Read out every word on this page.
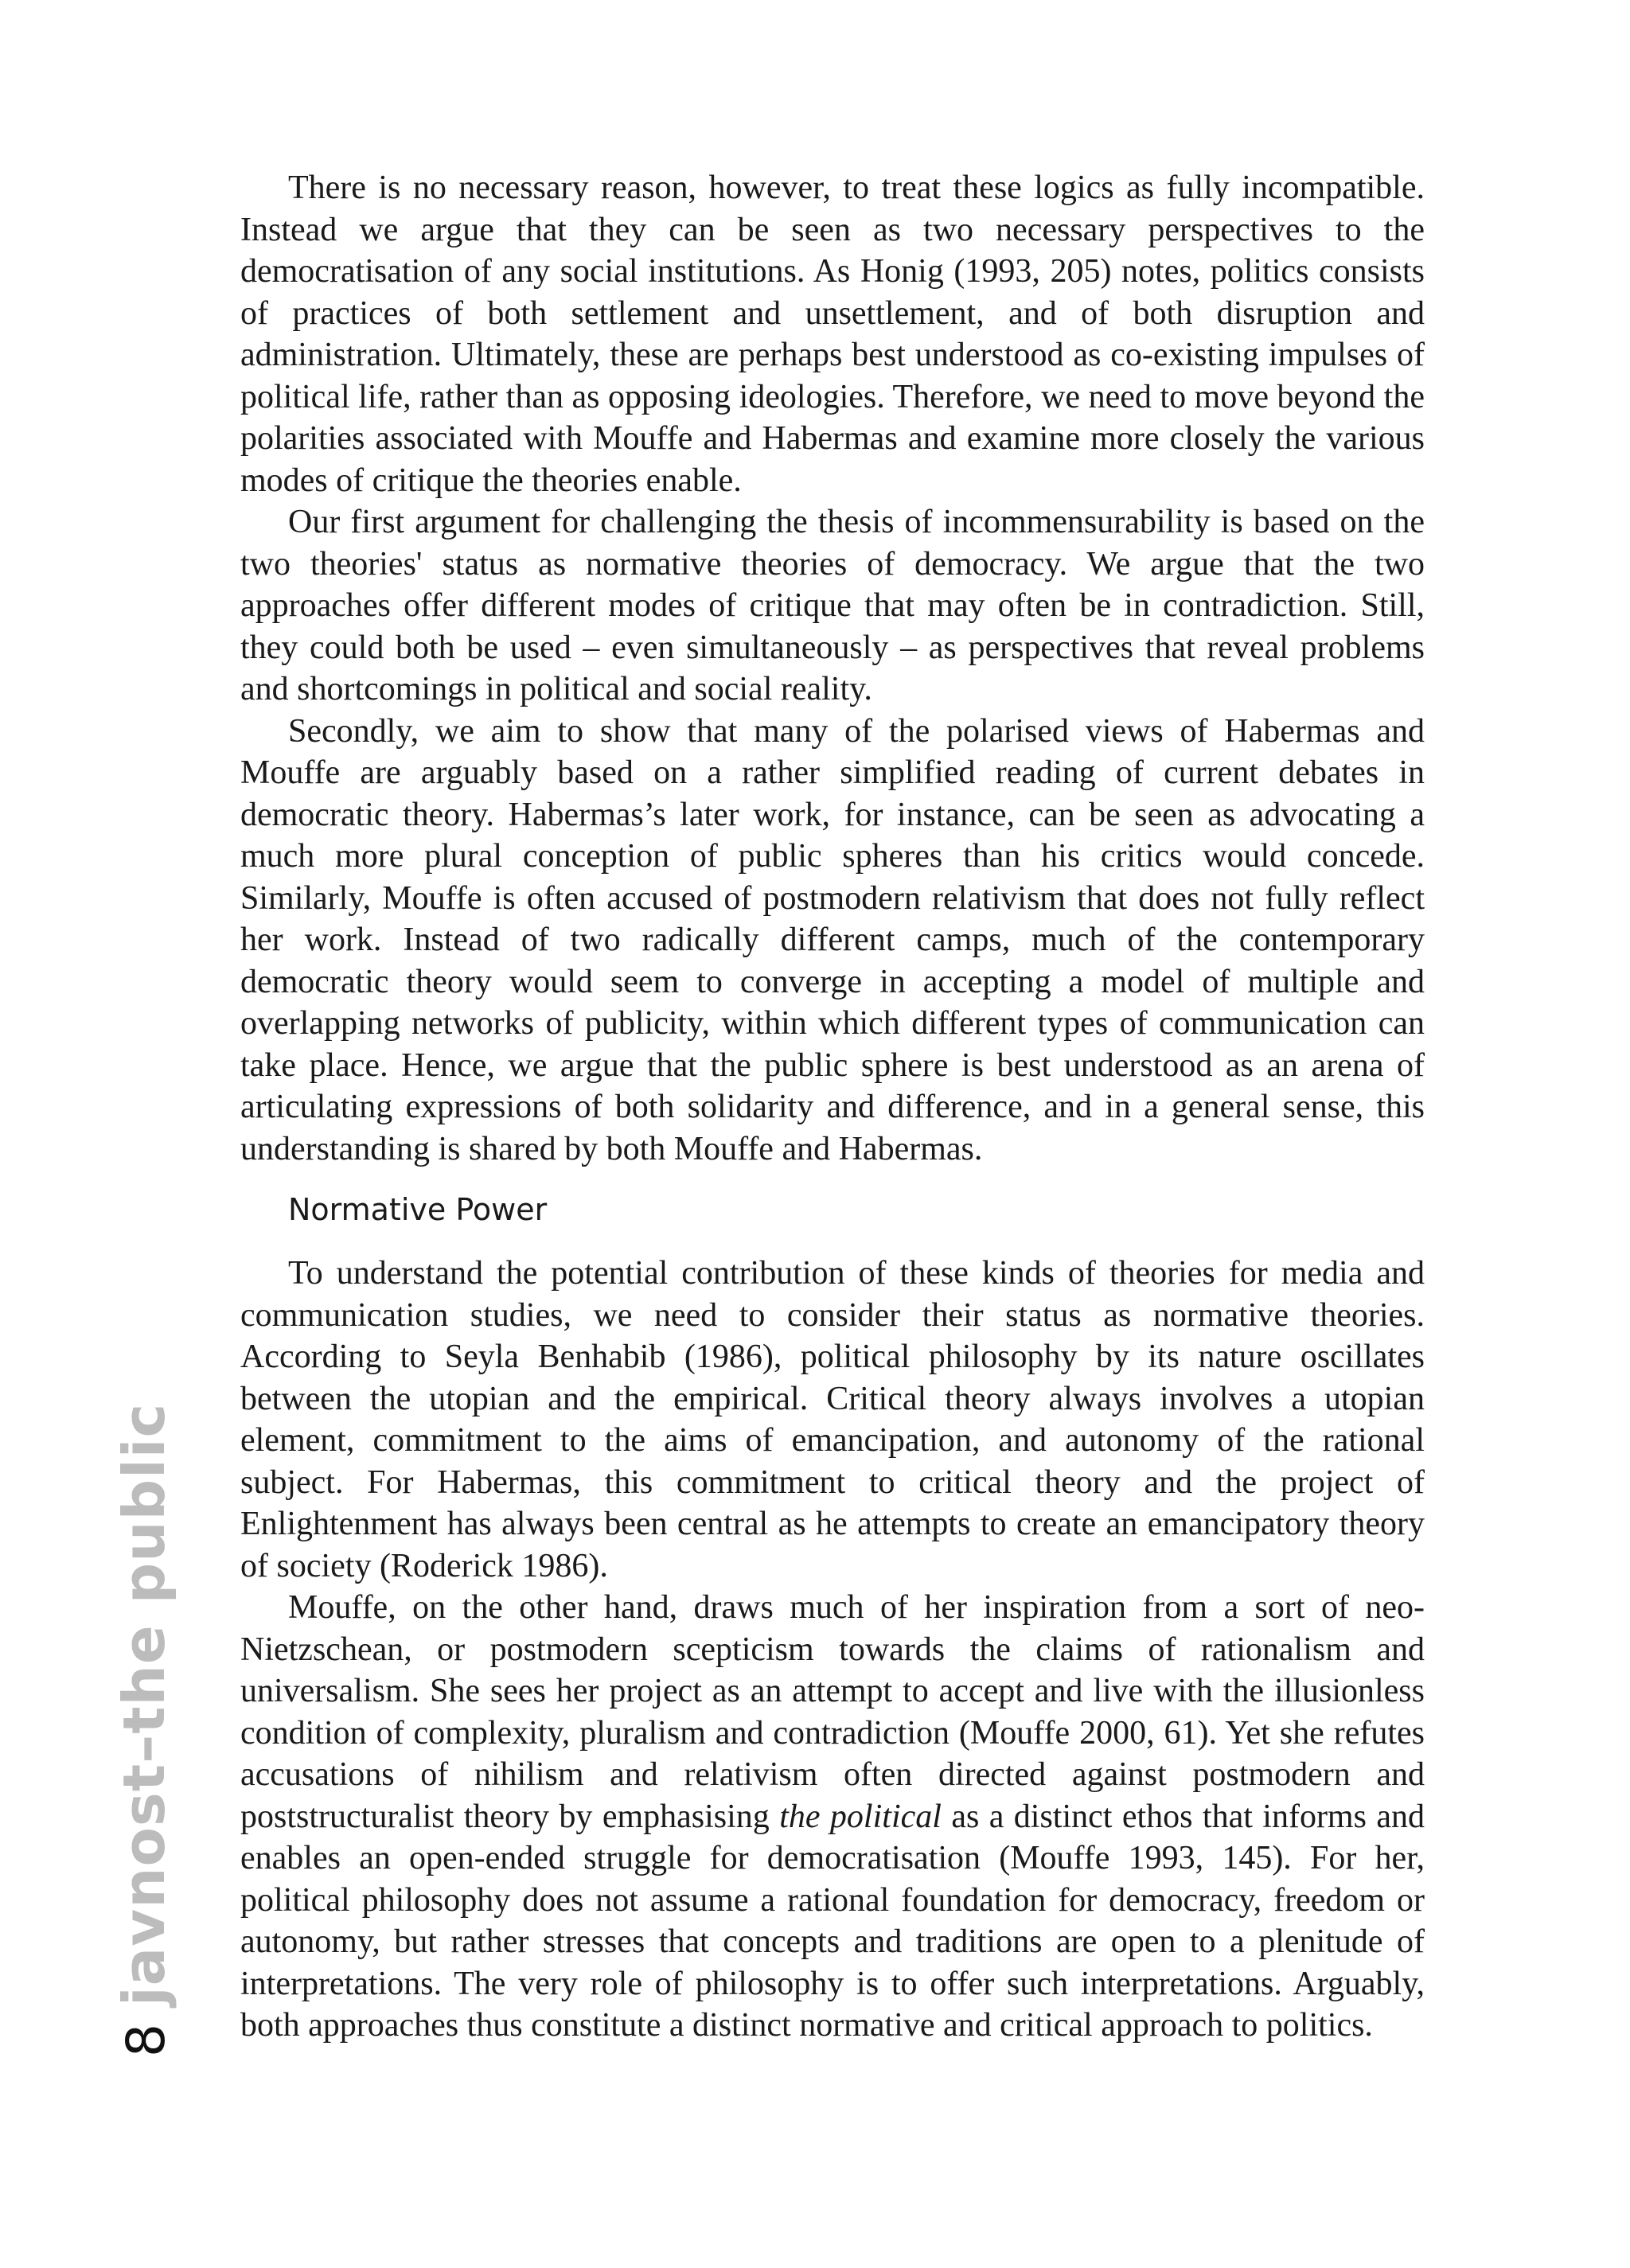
8javnost–the public

There is no necessary reason, however, to treat these logics as fully incompatible. Instead we argue that they can be seen as two necessary perspectives to the democratisation of any social institutions. As Honig (1993, 205) notes, politics consists of practices of both settlement and unsettlement, and of both disruption and administration. Ultimately, these are perhaps best understood as co-existing impulses of political life, rather than as opposing ideologies. Therefore, we need to move beyond the polarities associated with Mouffe and Habermas and examine more closely the various modes of critique the theories enable.

Our first argument for challenging the thesis of incommensurability is based on the two theories' status as normative theories of democracy. We argue that the two approaches offer different modes of critique that may often be in contradiction. Still, they could both be used – even simultaneously – as perspectives that reveal problems and shortcomings in political and social reality.

Secondly, we aim to show that many of the polarised views of Habermas and Mouffe are arguably based on a rather simplified reading of current debates in democratic theory. Habermas’s later work, for instance, can be seen as advocating a much more plural conception of public spheres than his critics would concede. Similarly, Mouffe is often accused of postmodern relativism that does not fully reflect her work. Instead of two radically different camps, much of the contemporary democratic theory would seem to converge in accepting a model of multiple and overlapping networks of publicity, within which different types of communication can take place. Hence, we argue that the public sphere is best understood as an arena of articulating expressions of both solidarity and difference, and in a general sense, this understanding is shared by both Mouffe and Habermas.

Normative Power

To understand the potential contribution of these kinds of theories for media and communication studies, we need to consider their status as normative theories. According to Seyla Benhabib (1986), political philosophy by its nature oscillates between the utopian and the empirical. Critical theory always involves a utopian element, commitment to the aims of emancipation, and autonomy of the rational subject. For Habermas, this commitment to critical theory and the project of Enlightenment has always been central as he attempts to create an emancipatory theory of society (Roderick 1986).

Mouffe, on the other hand, draws much of her inspiration from a sort of neo-Nietzschean, or postmodern scepticism towards the claims of rationalism and universalism. She sees her project as an attempt to accept and live with the illusionless condition of complexity, pluralism and contradiction (Mouffe 2000, 61). Yet she refutes accusations of nihilism and relativism often directed against postmodern and poststructuralist theory by emphasising the political as a distinct ethos that informs and enables an open-ended struggle for democratisation (Mouffe 1993, 145). For her, political philosophy does not assume a rational foundation for democracy, freedom or autonomy, but rather stresses that concepts and traditions are open to a plenitude of interpretations. The very role of philosophy is to offer such interpretations. Arguably, both approaches thus constitute a distinct normative and critical approach to politics.
